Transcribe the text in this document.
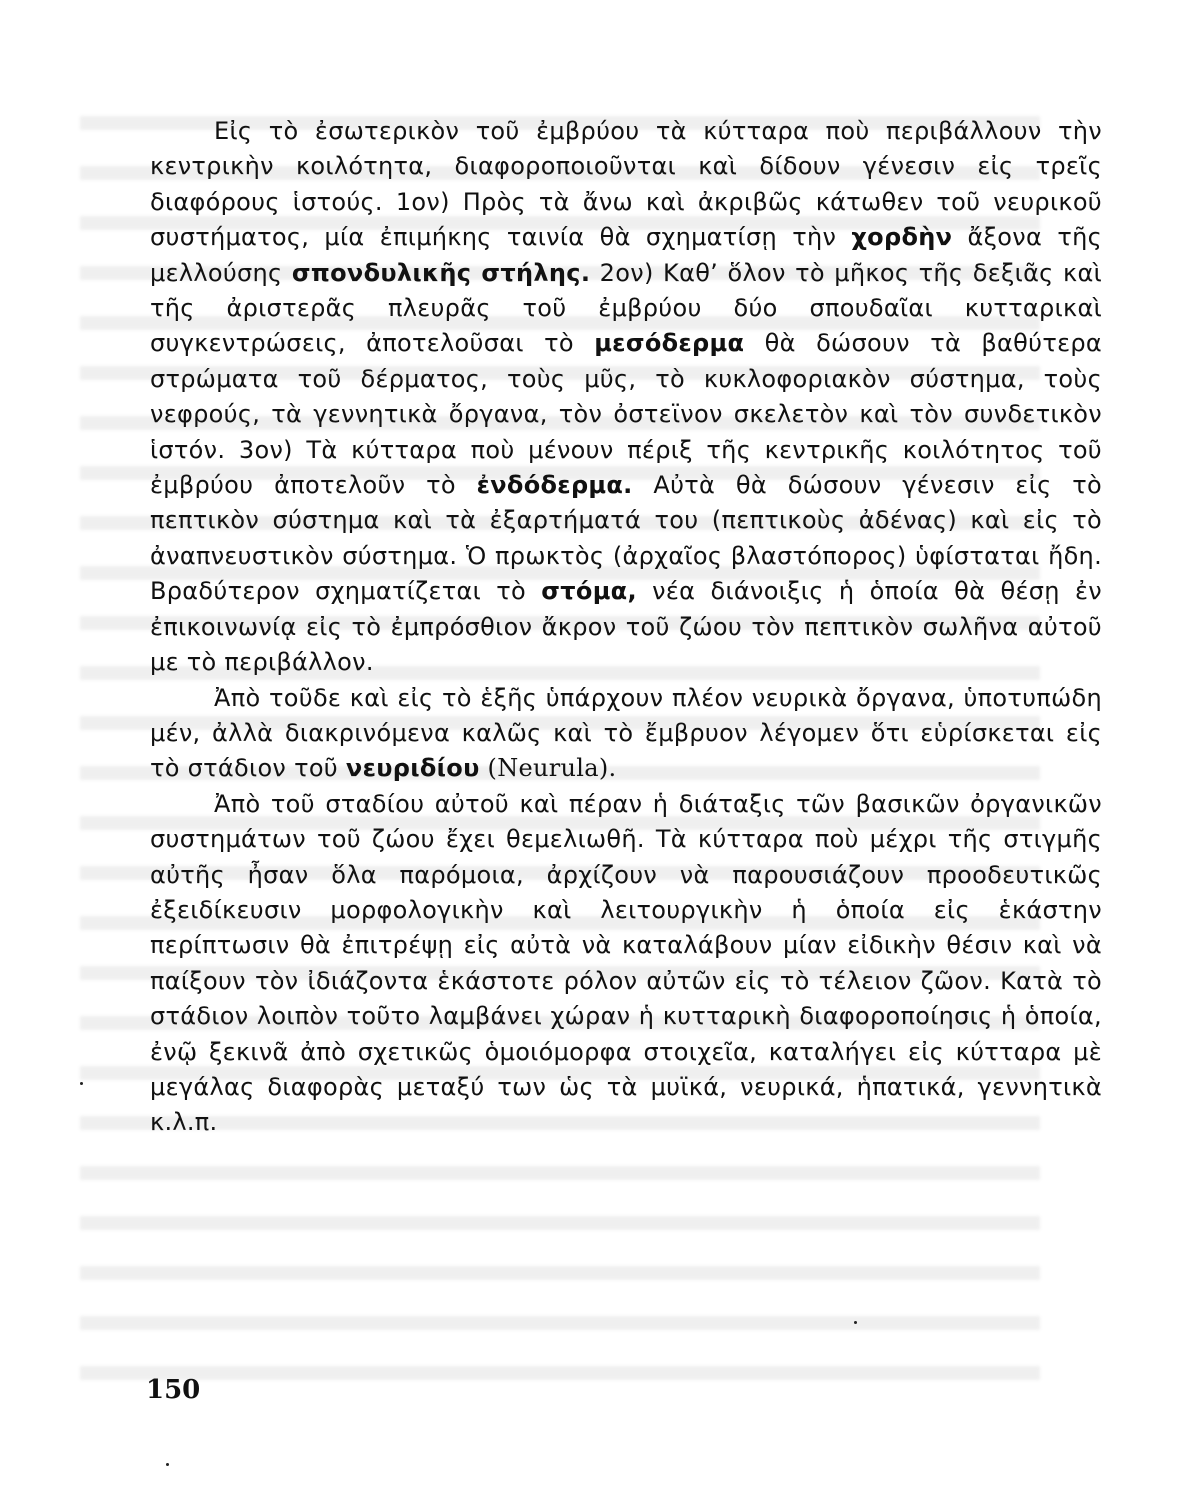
Εἰς τὸ ἐσωτερικὸν τοῦ ἐμβρύου τὰ κύτταρα ποὺ περιβάλλουν τὴν κεντρικὴν κοιλότητα, διαφοροποιοῦνται καὶ δίδουν γένεσιν εἰς τρεῖς διαφόρους ἱστούς. 1ον) Πρὸς τὰ ἄνω καὶ ἀκριβῶς κάτωθεν τοῦ νευρικοῦ συστήματος, μία ἐπιμήκης ταινία θὰ σχηματίσῃ τὴν χορδὴν ἄξονα τῆς μελλούσης σπονδυλικῆς στήλης. 2ον) Καθ’ ὅλον τὸ μῆκος τῆς δεξιᾶς καὶ τῆς ἀριστερᾶς πλευρᾶς τοῦ ἐμβρύου δύο σπουδαῖαι κυτταρικαὶ συγκεντρώσεις, ἀποτελοῦσαι τὸ μεσόδερμα θὰ δώσουν τὰ βαθύτερα στρώματα τοῦ δέρματος, τοὺς μῦς, τὸ κυκλοφοριακὸν σύστημα, τοὺς νεφρούς, τὰ γεννητικὰ ὄργανα, τὸν ὀστεϊνον σκελετὸν καὶ τὸν συνδετικὸν ἱστόν. 3ον) Τὰ κύτταρα ποὺ μένουν πέριξ τῆς κεντρικῆς κοιλότητος τοῦ ἐμβρύου ἀποτελοῦν τὸ ἐνδόδερμα. Αὐτὰ θὰ δώσουν γένεσιν εἰς τὸ πεπτικὸν σύστημα καὶ τὰ ἐξαρτήματά του (πεπτικοὺς ἀδένας) καὶ εἰς τὸ ἀναπνευστικὸν σύστημα. Ὁ πρωκτὸς (ἀρχαῖος βλαστόπορος) ὑφίσταται ἤδη. Βραδύτερον σχηματίζεται τὸ στόμα, νέα διάνοιξις ἡ ὁποία θὰ θέσῃ ἐν ἐπικοινωνίᾳ εἰς τὸ ἐμπρόσθιον ἄκρον τοῦ ζώου τὸν πεπτικὸν σωλῆνα αὐτοῦ με τὸ περιβάλλον.

Ἀπὸ τοῦδε καὶ εἰς τὸ ἑξῆς ὑπάρχουν πλέον νευρικὰ ὄργανα, ὑποτυπώδη μέν, ἀλλὰ διακρινόμενα καλῶς καὶ τὸ ἔμβρυον λέγομεν ὅτι εὑρίσκεται εἰς τὸ στάδιον τοῦ νευριδίου (Neurula).

Ἀπὸ τοῦ σταδίου αὐτοῦ καὶ πέραν ἡ διάταξις τῶν βασικῶν ὀργανικῶν συστημάτων τοῦ ζώου ἔχει θεμελιωθῆ. Τὰ κύτταρα ποὺ μέχρι τῆς στιγμῆς αὐτῆς ἦσαν ὅλα παρόμοια, ἀρχίζουν νὰ παρουσιάζουν προοδευτικῶς ἐξειδίκευσιν μορφολογικὴν καὶ λειτουργικὴν ἡ ὁποία εἰς ἑκάστην περίπτωσιν θὰ ἐπιτρέψῃ εἰς αὐτὰ νὰ καταλάβουν μίαν εἰδικὴν θέσιν καὶ νὰ παίξουν τὸν ἰδιάζοντα ἑκάστοτε ρόλον αὐτῶν εἰς τὸ τέλειον ζῶον. Κατὰ τὸ στάδιον λοιπὸν τοῦτο λαμβάνει χώραν ἡ κυτταρικὴ διαφοροποίησις ἡ ὁποία, ἐνῷ ξεκινᾶ ἀπὸ σχετικῶς ὁμοιόμορφα στοιχεῖα, καταλήγει εἰς κύτταρα μὲ μεγάλας διαφορὰς μεταξύ των ὡς τὰ μυϊκά, νευρικά, ἡπατικά, γεννητικὰ κ.λ.π.

150
